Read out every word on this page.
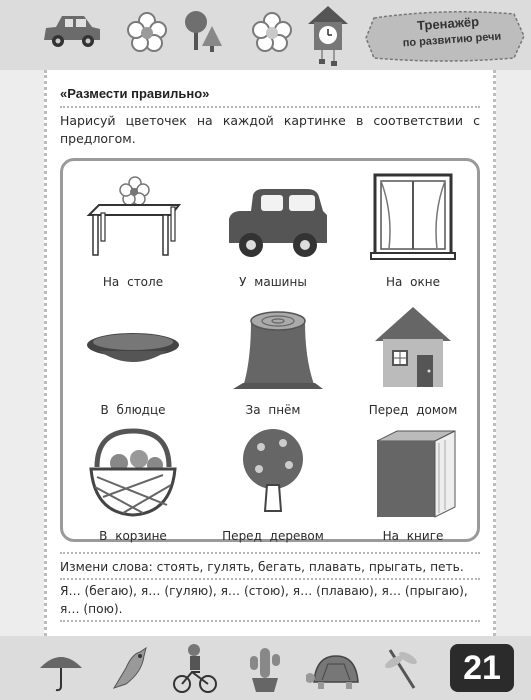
Тренажёр
по развитию речи
«Размести правильно»
Нарисуй цветочек на каждой картинке в соответствии с предлогом.
На столе	У машины	На окне
В блюдце	За пнём	Перед домом
В корзине	Перед деревом	На книге
Измени слова: стоять, гулять, бегать, плавать, прыгать, петь.
Я… (бегаю), я… (гуляю), я… (стою), я… (плаваю), я… (прыгаю),
я… (пою).
21
